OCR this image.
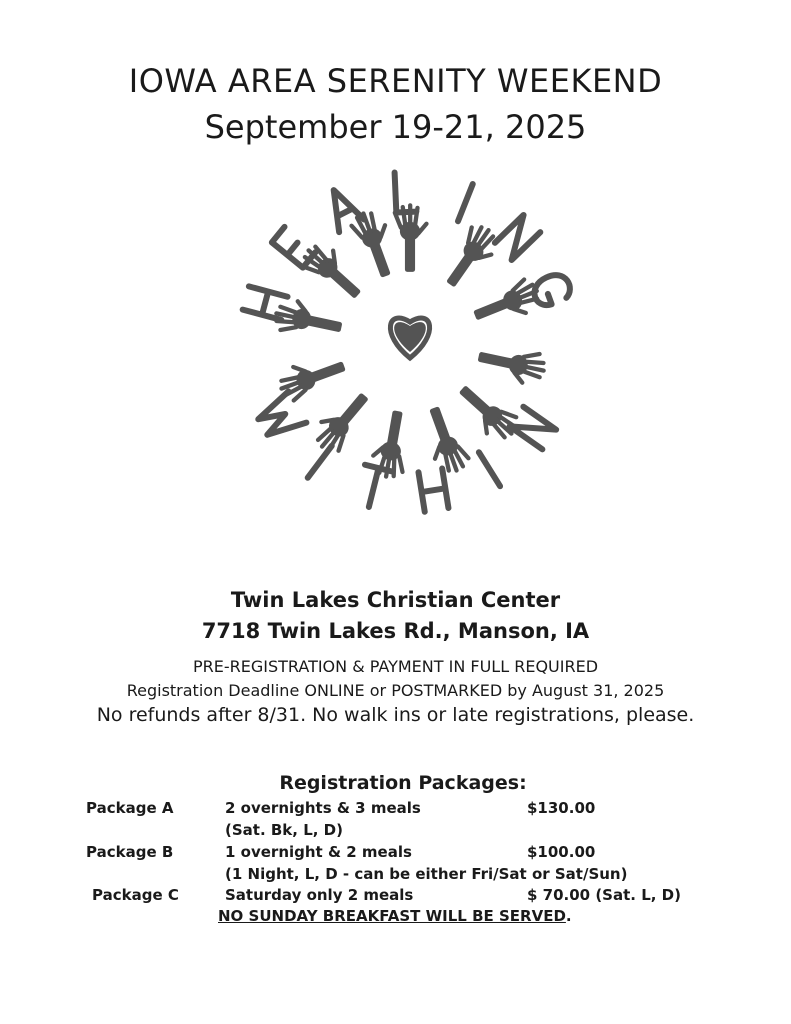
IOWA AREA SERENITY WEEKEND
September 19-21, 2025
Twin Lakes Christian Center
7718 Twin Lakes Rd., Manson, IA
PRE-REGISTRATION & PAYMENT IN FULL REQUIRED
Registration Deadline ONLINE or POSTMARKED by August 31, 2025
No refunds after 8/31. No walk ins or late registrations, please.
Registration Packages:
Package A	2 overnights & 3 meals	$130.00
(Sat. Bk, L, D)
Package B	1 overnight & 2 meals	$100.00
(1 Night, L, D - can be either Fri/Sat or Sat/Sun)
Package C	Saturday only 2 meals	$ 70.00 (Sat. L, D)
NO SUNDAY BREAKFAST WILL BE SERVED.
